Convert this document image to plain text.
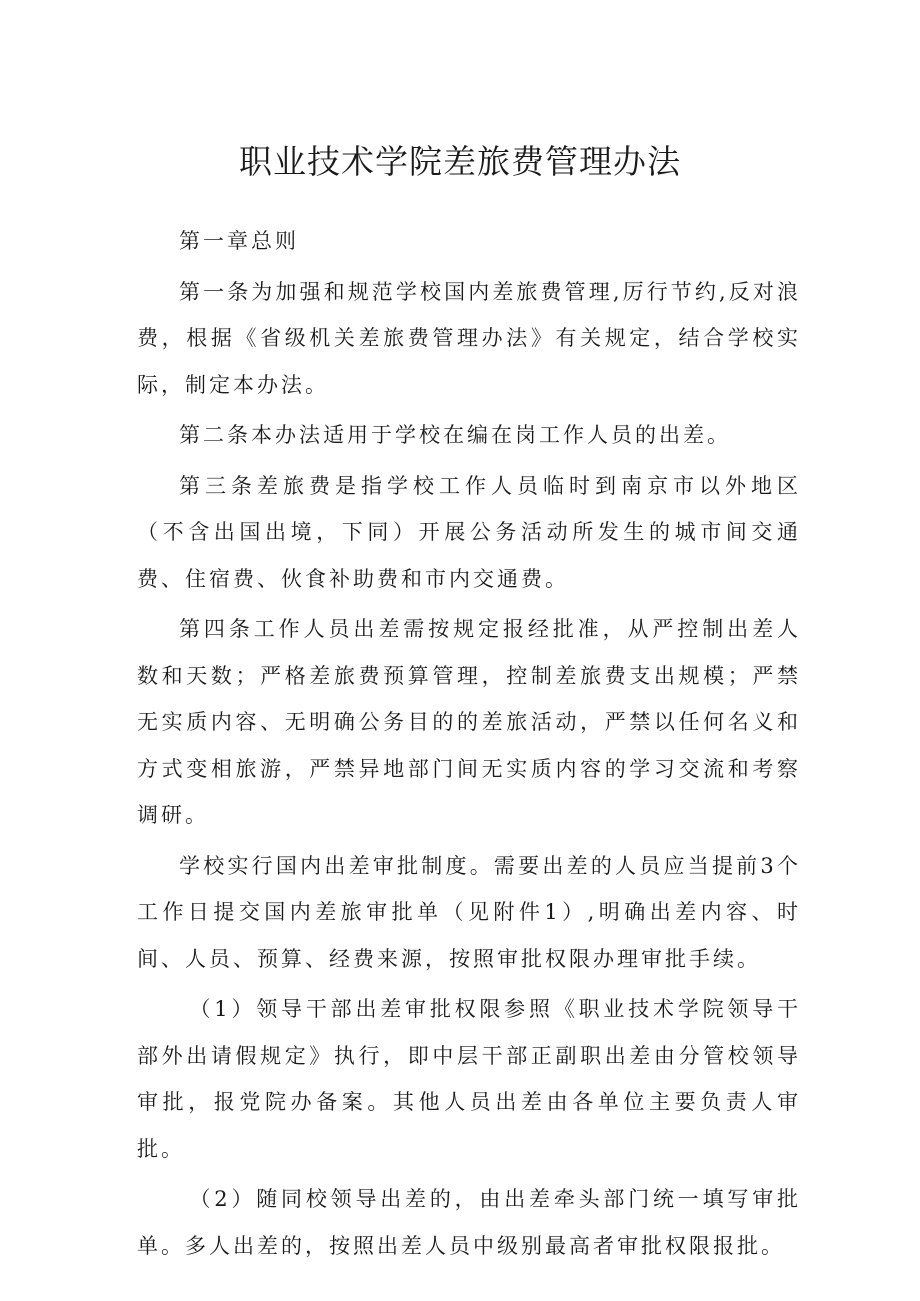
职业技术学院差旅费管理办法

第一章总则

第一条为加强和规范学校国内差旅费管理,厉行节约,反对浪费，根据《省级机关差旅费管理办法》有关规定，结合学校实际，制定本办法。

第二条本办法适用于学校在编在岗工作人员的出差。

第三条差旅费是指学校工作人员临时到南京市以外地区（不含出国出境，下同）开展公务活动所发生的城市间交通费、住宿费、伙食补助费和市内交通费。

第四条工作人员出差需按规定报经批准，从严控制出差人数和天数；严格差旅费预算管理，控制差旅费支出规模；严禁无实质内容、无明确公务目的的差旅活动，严禁以任何名义和方式变相旅游，严禁异地部门间无实质内容的学习交流和考察调研。

学校实行国内出差审批制度。需要出差的人员应当提前3个工作日提交国内差旅审批单（见附件1）,明确出差内容、时间、人员、预算、经费来源，按照审批权限办理审批手续。

（1）领导干部出差审批权限参照《职业技术学院领导干部外出请假规定》执行，即中层干部正副职出差由分管校领导审批，报党院办备案。其他人员出差由各单位主要负责人审批。

（2）随同校领导出差的，由出差牵头部门统一填写审批单。多人出差的，按照出差人员中级别最高者审批权限报批。
